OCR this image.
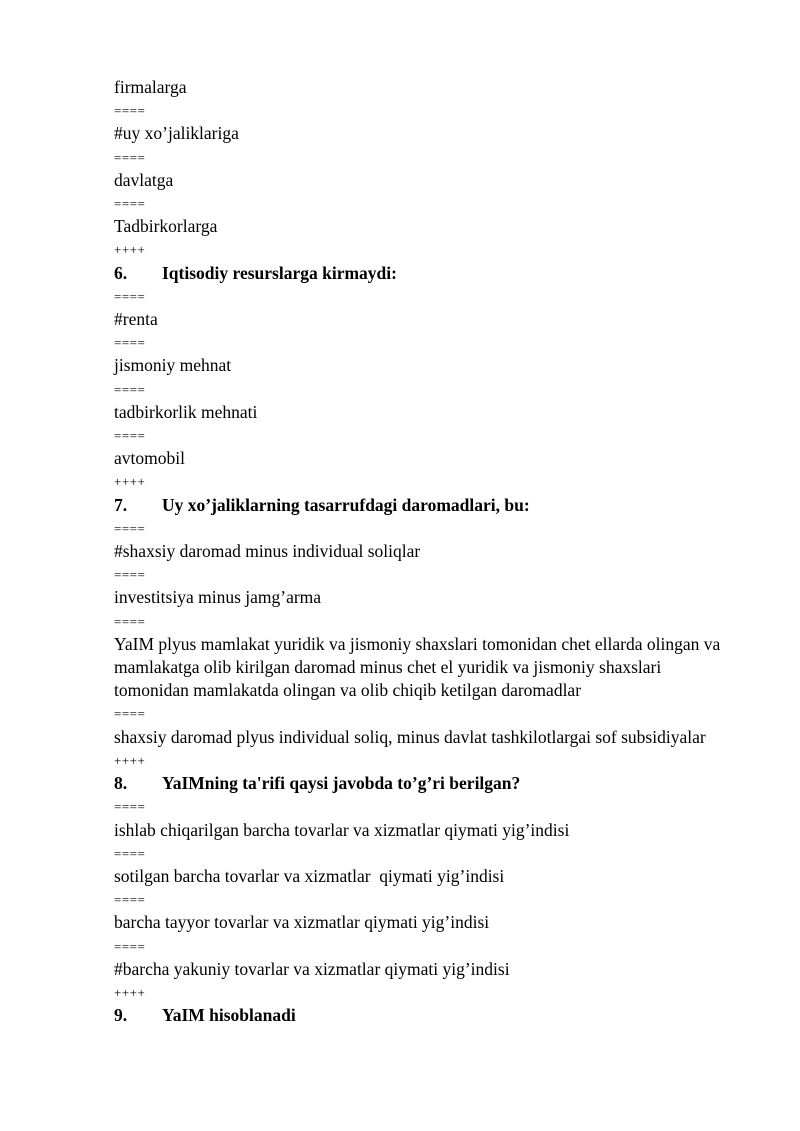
firmalarga
====
#uy xo’jaliklariga
====
davlatga
====
Tadbirkorlarga
++++
6.	Iqtisodiy resurslarga kirmaydi:
====
#renta
====
jismoniy mehnat
====
tadbirkorlik mehnati
====
avtomobil
++++
7.	Uy xo’jaliklarning tasarrufdagi daromadlari, bu:
====
#shaxsiy daromad minus individual soliqlar
====
investitsiya minus jamg’arma
====
YaIM plyus mamlakat yuridik va jismoniy shaxslari tomonidan chet ellarda olingan va mamlakatga olib kirilgan daromad minus chet el yuridik va jismoniy shaxslari tomonidan mamlakatda olingan va olib chiqib ketilgan daromadlar
====
shaxsiy daromad plyus individual soliq, minus davlat tashkilotlargai sof subsidiyalar
++++
8.	YaIMning ta'rifi qaysi javobda to’g’ri berilgan?
====
ishlab chiqarilgan barcha tovarlar va xizmatlar qiymati yig’indisi
====
sotilgan barcha tovarlar va xizmatlar  qiymati yig’indisi
====
barcha tayyor tovarlar va xizmatlar qiymati yig’indisi
====
#barcha yakuniy tovarlar va xizmatlar qiymati yig’indisi
++++
9.	YaIM hisoblanadi
